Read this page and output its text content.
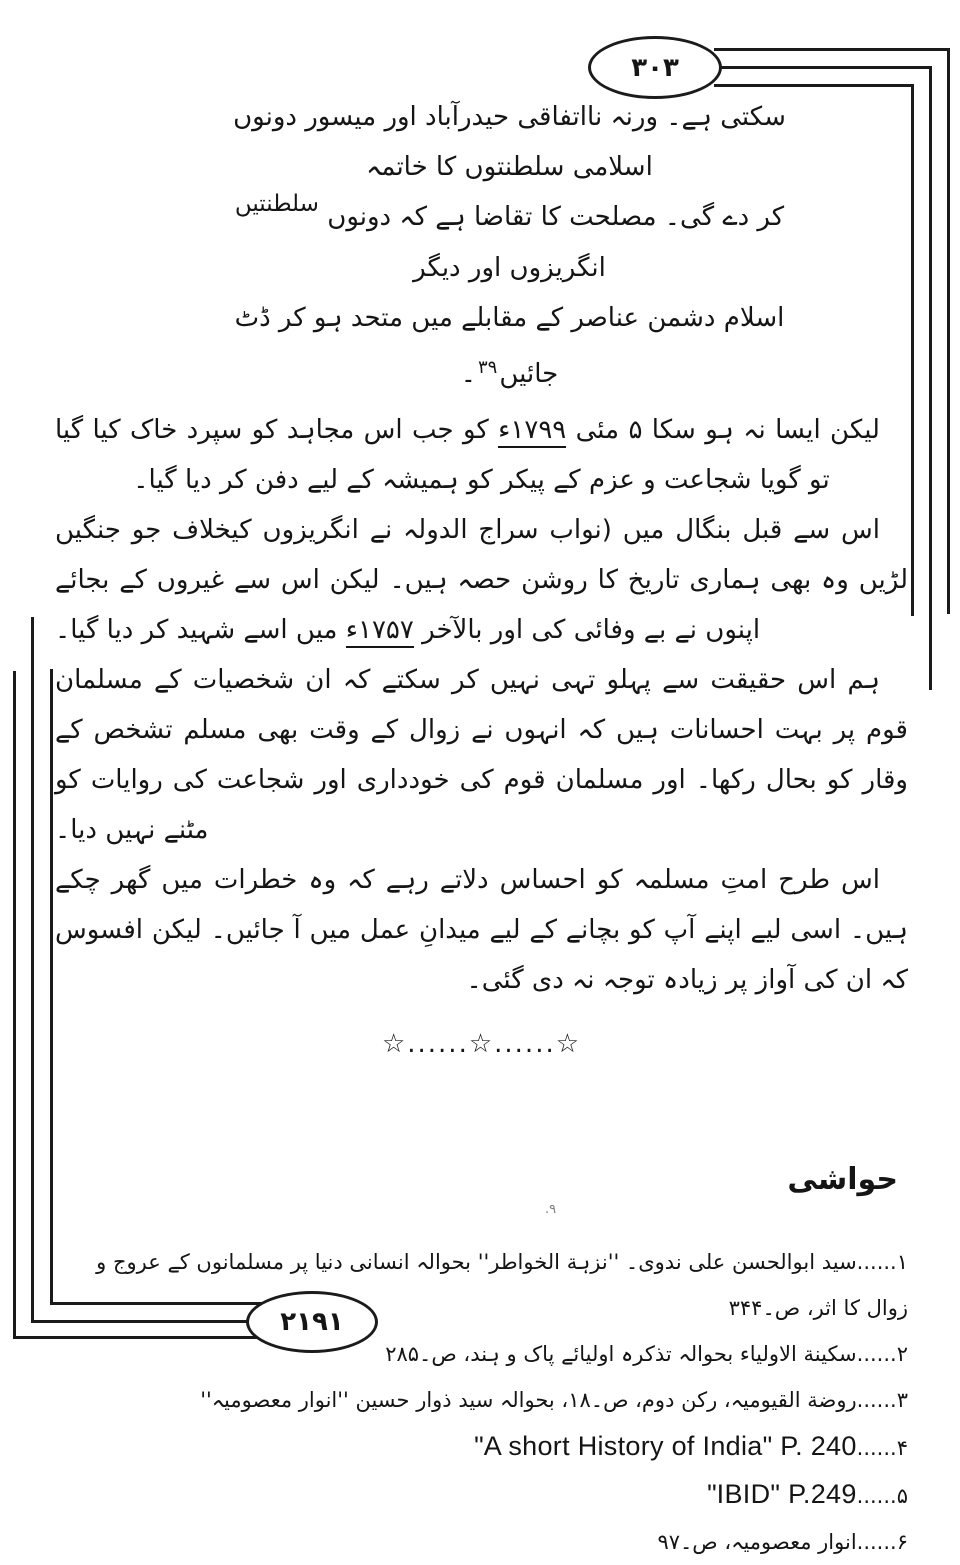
۳۰۳
۲۱۹۱
سکتی ہے۔ ورنہ نااتفاقی حیدرآباد اور میسور دونوں اسلامی سلطنتوں کا خاتمہ
کر دے گی۔ مصلحت کا تقاضا ہے کہ دونوں سلطنتیں انگریزوں اور دیگر
اسلام دشمن عناصر کے مقابلے میں متحد ہو کر ڈٹ جائیں$^{۳۹}$۔

لیکن ایسا نہ ہو سکا ۵ مئی ۱۷۹۹ء کو جب اس مجاہد کو سپرد خاک کیا گیا تو گویا شجاعت و عزم کے پیکر کو ہمیشہ کے لیے دفن کر دیا گیا۔

اس سے قبل بنگال میں (نواب سراج الدولہ نے انگریزوں کیخلاف جو جنگیں لڑیں وہ بھی ہماری تاریخ کا روشن حصہ ہیں۔ لیکن اس سے غیروں کے بجائے اپنوں نے بے وفائی کی اور بالآخر ۱۷۵۷ء میں اسے شہید کر دیا گیا۔

ہم اس حقیقت سے پہلو تہی نہیں کر سکتے کہ ان شخصیات کے مسلمان قوم پر بہت احسانات ہیں کہ انہوں نے زوال کے وقت بھی مسلم تشخص کے وقار کو بحال رکھا۔ اور مسلمان قوم کی خودداری اور شجاعت کی روایات کو مٹنے نہیں دیا۔

اس طرح امتِ مسلمہ کو احساس دلاتے رہے کہ وہ خطرات میں گھر چکے ہیں۔ اسی لیے اپنے آپ کو بچانے کے لیے میدانِ عمل میں آ جائیں۔ لیکن افسوس کہ ان کی آواز پر زیادہ توجہ نہ دی گئی۔

☆......☆......☆
حواشی

۱......سید ابوالحسن علی ندوی۔ ''نزہة الخواطر'' بحوالہ انسانی دنیا پر مسلمانوں کے عروج و زوال کا اثر، ص۔۳۴۴

۲......سکینة الاولیاء بحوالہ تذکرہ اولیائے پاک و ہند، ص۔۲۸۵

۳......روضة القیومیہ، رکن دوم، ص۔۱۸، بحوالہ سید ذوار حسین ''انوار معصومیہ''

۴......"A short History of India" P. 240

۵......"IBID" P.249

۶......انوار معصومیہ، ص۔۹۷

٩.
